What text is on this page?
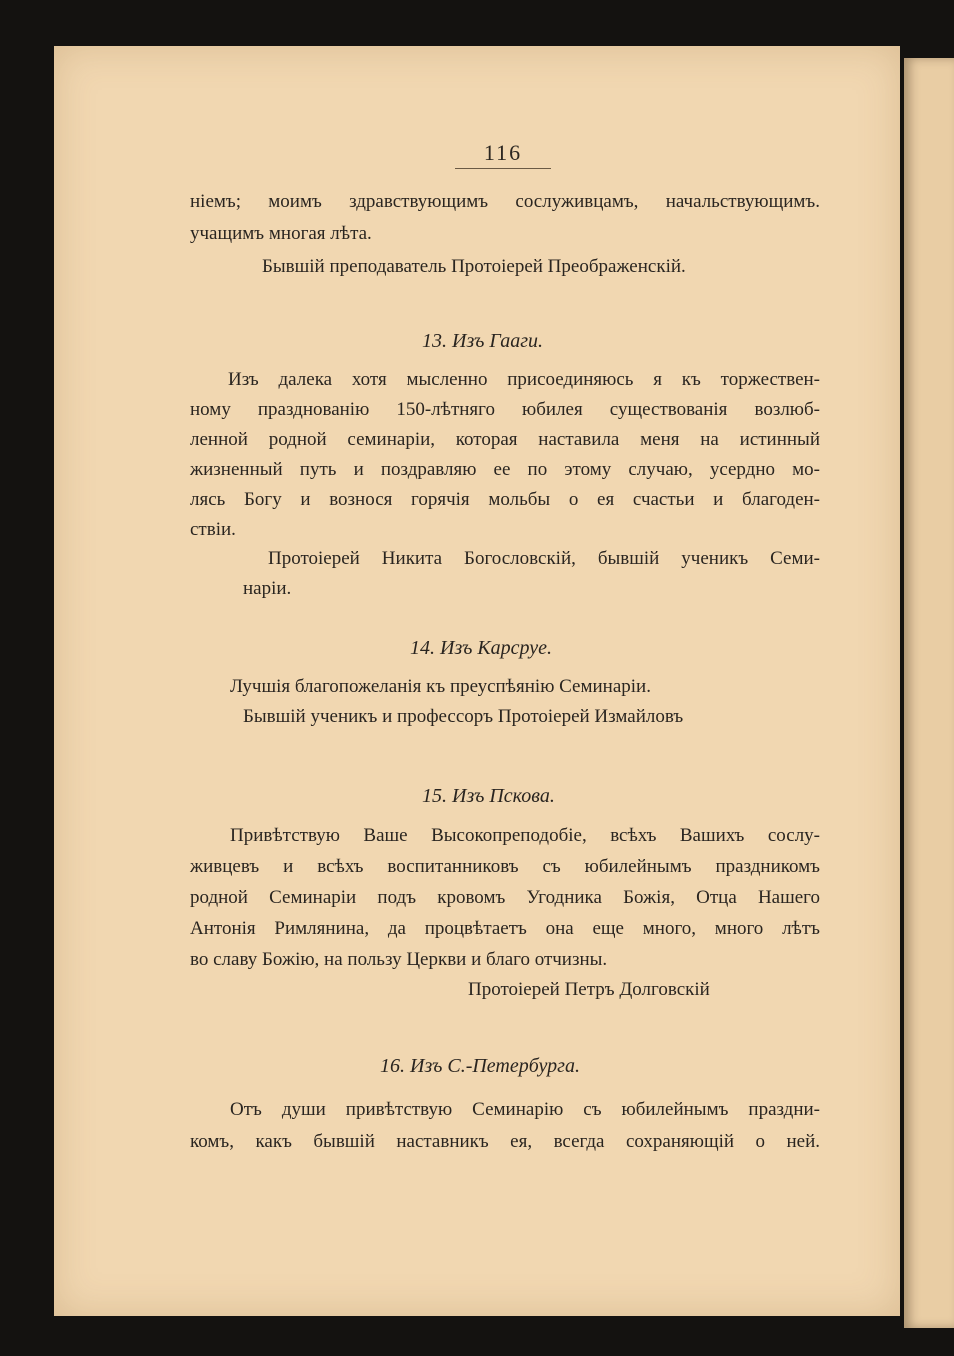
116
ніемъ; моимъ здравствующимъ сослуживцамъ, начальствующимъ.
учащимъ многая лѣта.
Бывшій преподаватель Протоіерей Преображенскій.
13. Изъ Гааги.
Изъ далека хотя мысленно присоединяюсь я къ торжествен-
ному празднованію 150-лѣтняго юбилея существованія возлюб-
ленной родной семинаріи, которая наставила меня на истинный
жизненный путь и поздравляю ее по этому случаю, усердно мо-
лясь Богу и вознося горячія мольбы о ея счастьи и благоден-
ствіи.
Протоіерей Никита Богословскій, бывшій ученикъ Семи-
наріи.
14. Изъ Карсруе.
Лучшія благопожеланія къ преуспѣянію Семинаріи.
Бывшій ученикъ и профессоръ Протоіерей Измайловъ
15. Изъ Пскова.
Привѣтствую Ваше Высокопреподобіе, всѣхъ Вашихъ сослу-
живцевъ и всѣхъ воспитанниковъ съ юбилейнымъ праздникомъ
родной Семинаріи подъ кровомъ Угодника Божія, Отца Нашего
Антонія Римлянина, да процвѣтаетъ она еще много, много лѣтъ
во славу Божію, на пользу Церкви и благо отчизны.
Протоіерей Петръ Долговскій
16. Изъ С.-Петербурга.
Отъ души привѣтствую Семинарію съ юбилейнымъ праздни-
комъ, какъ бывшій наставникъ ея, всегда сохраняющій о ней.
